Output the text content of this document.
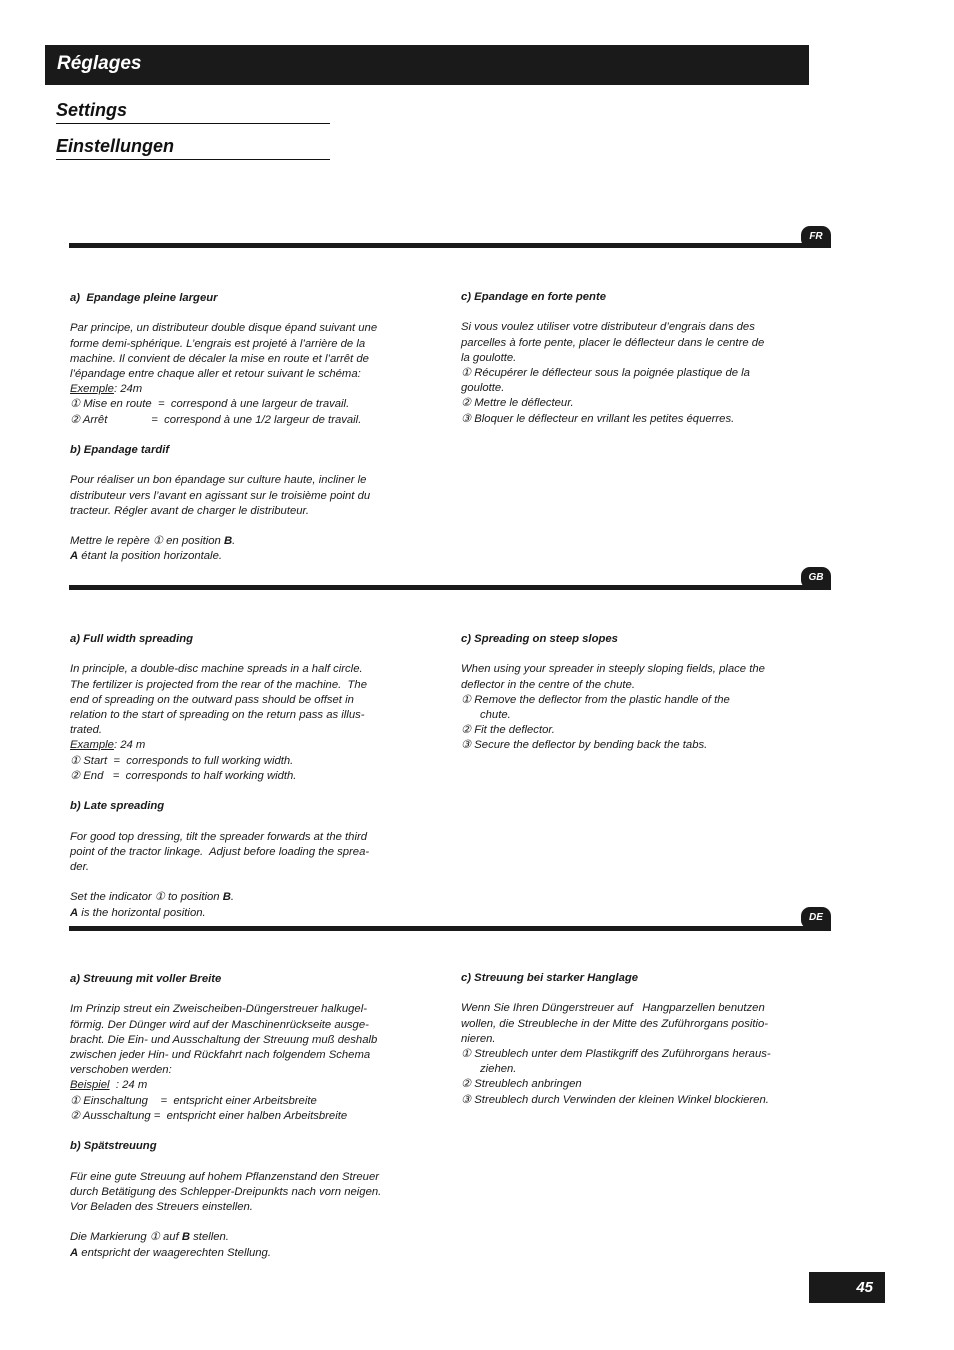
Réglages
Settings
Einstellungen
FR

a)  Epandage pleine largeur

Par principe, un distributeur double disque épand suivant une

forme demi-sphérique. L’engrais est projeté à l’arrière de la

machine. Il convient de décaler la mise en route et l’arrêt de

l’épandage entre chaque aller et retour suivant le schéma:

Exemple: 24m

① Mise en route  =  correspond à une largeur de travail.

② Arrêt              =  correspond à une 1/2 largeur de travail.

b) Epandage tardif

Pour réaliser un bon épandage sur culture haute, incliner le

distributeur vers l’avant en agissant sur le troisième point du

tracteur. Régler avant de charger le distributeur.

Mettre le repère ① en position B.

A étant la position horizontale.

c) Epandage en forte pente

Si vous voulez utiliser votre distributeur d’engrais dans des

parcelles à forte pente, placer le déflecteur dans le centre de

la goulotte.

① Récupérer le déflecteur sous la poignée plastique de la

goulotte.

② Mettre le déflecteur.

③ Bloquer le déflecteur en vrillant les petites équerres.

GB

a) Full width spreading

In principle, a double-disc machine spreads in a half circle.

The fertilizer is projected from the rear of the machine.  The

end of spreading on the outward pass should be offset in

relation to the start of spreading on the return pass as illus-

trated.

Example: 24 m

① Start  =  corresponds to full working width.

② End   =  corresponds to half working width.

b) Late spreading

For good top dressing, tilt the spreader forwards at the third

point of the tractor linkage.  Adjust before loading the sprea-

der.

Set the indicator ① to position B.

A is the horizontal position.

c) Spreading on steep slopes

When using your spreader in steeply sloping fields, place the

deflector in the centre of the chute.

① Remove the deflector from the plastic handle of the

chute.

② Fit the deflector.

③ Secure the deflector by bending back the tabs.

DE

a) Streuung mit voller Breite

Im Prinzip streut ein Zweischeiben-Düngerstreuer halkugel-

förmig. Der Dünger wird auf der Maschinenrückseite ausge-

bracht. Die Ein- und Ausschaltung der Streuung muß deshalb

zwischen jeder Hin- und Rückfahrt nach folgendem Schema

verschoben werden:

Beispiel  : 24 m

① Einschaltung    =  entspricht einer Arbeitsbreite

② Ausschaltung =  entspricht einer halben Arbeitsbreite

b) Spätstreuung

Für eine gute Streuung auf hohem Pflanzenstand den Streuer

durch Betätigung des Schlepper-Dreipunkts nach vorn neigen.

Vor Beladen des Streuers einstellen.

Die Markierung ① auf B stellen.

A entspricht der waagerechten Stellung.

c) Streuung bei starker Hanglage

Wenn Sie Ihren Düngerstreuer auf   Hangparzellen benutzen

wollen, die Streubleche in der Mitte des Zuführorgans positio-

nieren.

① Streublech unter dem Plastikgriff des Zuführorgans heraus-

ziehen.

② Streublech anbringen

③ Streublech durch Verwinden der kleinen Winkel blockieren.

45
